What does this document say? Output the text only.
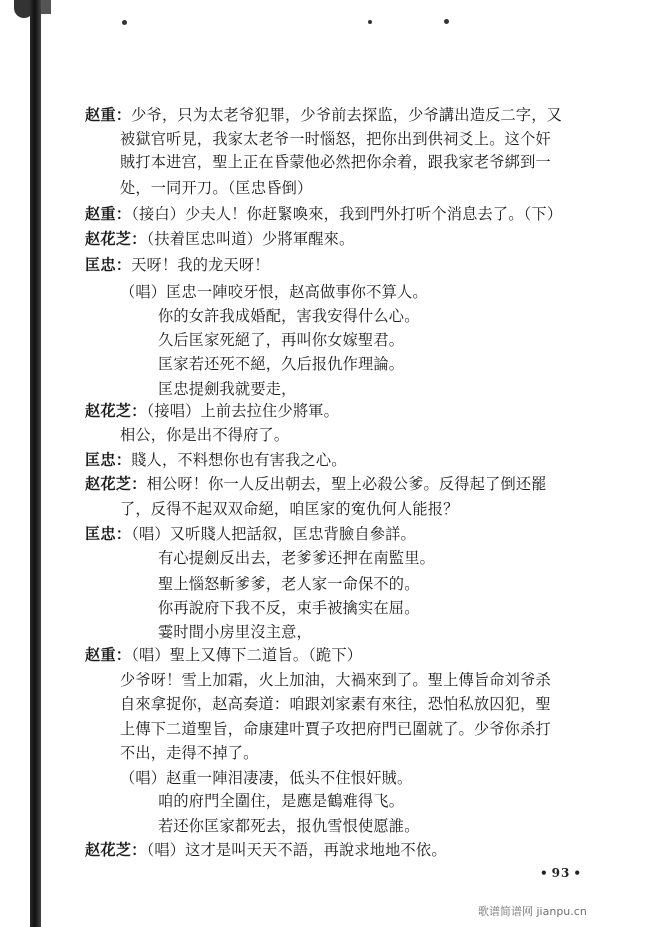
赵重：少爷，只为太老爷犯罪，少爷前去探监，少爷講出造反二字，又
被獄官听見，我家太老爷一时惱怒，把你出到供祠爻上。这个奸
賊打本进宫，聖上正在昏蒙他必然把你余着，跟我家老爷綁到一
处，一同开刀。（匡忠昏倒）
赵重：（接白）少夫人！你赶緊喚來，我到門外打听个消息去了。（下）
赵花芝：（扶着匡忠叫道）少將軍醒來。
匡忠：天呀！我的龙天呀！
（唱）匡忠一陣咬牙恨，赵高做事你不算人。
你的女許我成婚配，害我安得什么心。
久后匡家死絕了，再叫你女嫁聖君。
匡家若还死不絕，久后报仇作理論。
匡忠提劍我就要走，
赵花芝：（接唱）上前去拉住少將軍。
相公，你是出不得府了。
匡忠：賤人，不料想你也有害我之心。
赵花芝：相公呀！你一人反出朝去，聖上必殺公爹。反得起了倒还罷
了，反得不起双双命絕，咱匡家的寃仇何人能报？
匡忠：（唱）又听賤人把話叙，匡忠背臉自參詳。
有心提劍反出去，老爹爹还押在南監里。
聖上惱怒斬爹爹，老人家一命保不的。
你再說府下我不反，束手被擒实在屈。
霎时間小房里沒主意，
赵重：（唱）聖上又傳下二道旨。（跪下）
少爷呀！雪上加霜，火上加油，大禍來到了。聖上傳旨命刘爷杀
自來拿捉你，赵高奏道：咱跟刘家素有來往，恐怕私放囚犯，聖
上傳下二道聖旨，命康建叶賈子攻把府門已圍就了。少爷你杀打
不出，走得不掉了。
（唱）赵重一陣泪凄凄，低头不住恨奸賊。
咱的府門全圍住，是應是鶴难得飞。
若还你匡家都死去，报仇雪恨使愿誰。
赵花芝：（唱）这才是叫天天不語，再說求地地不依。
• 93 •
歌谱简谱网 jianpu.cn
